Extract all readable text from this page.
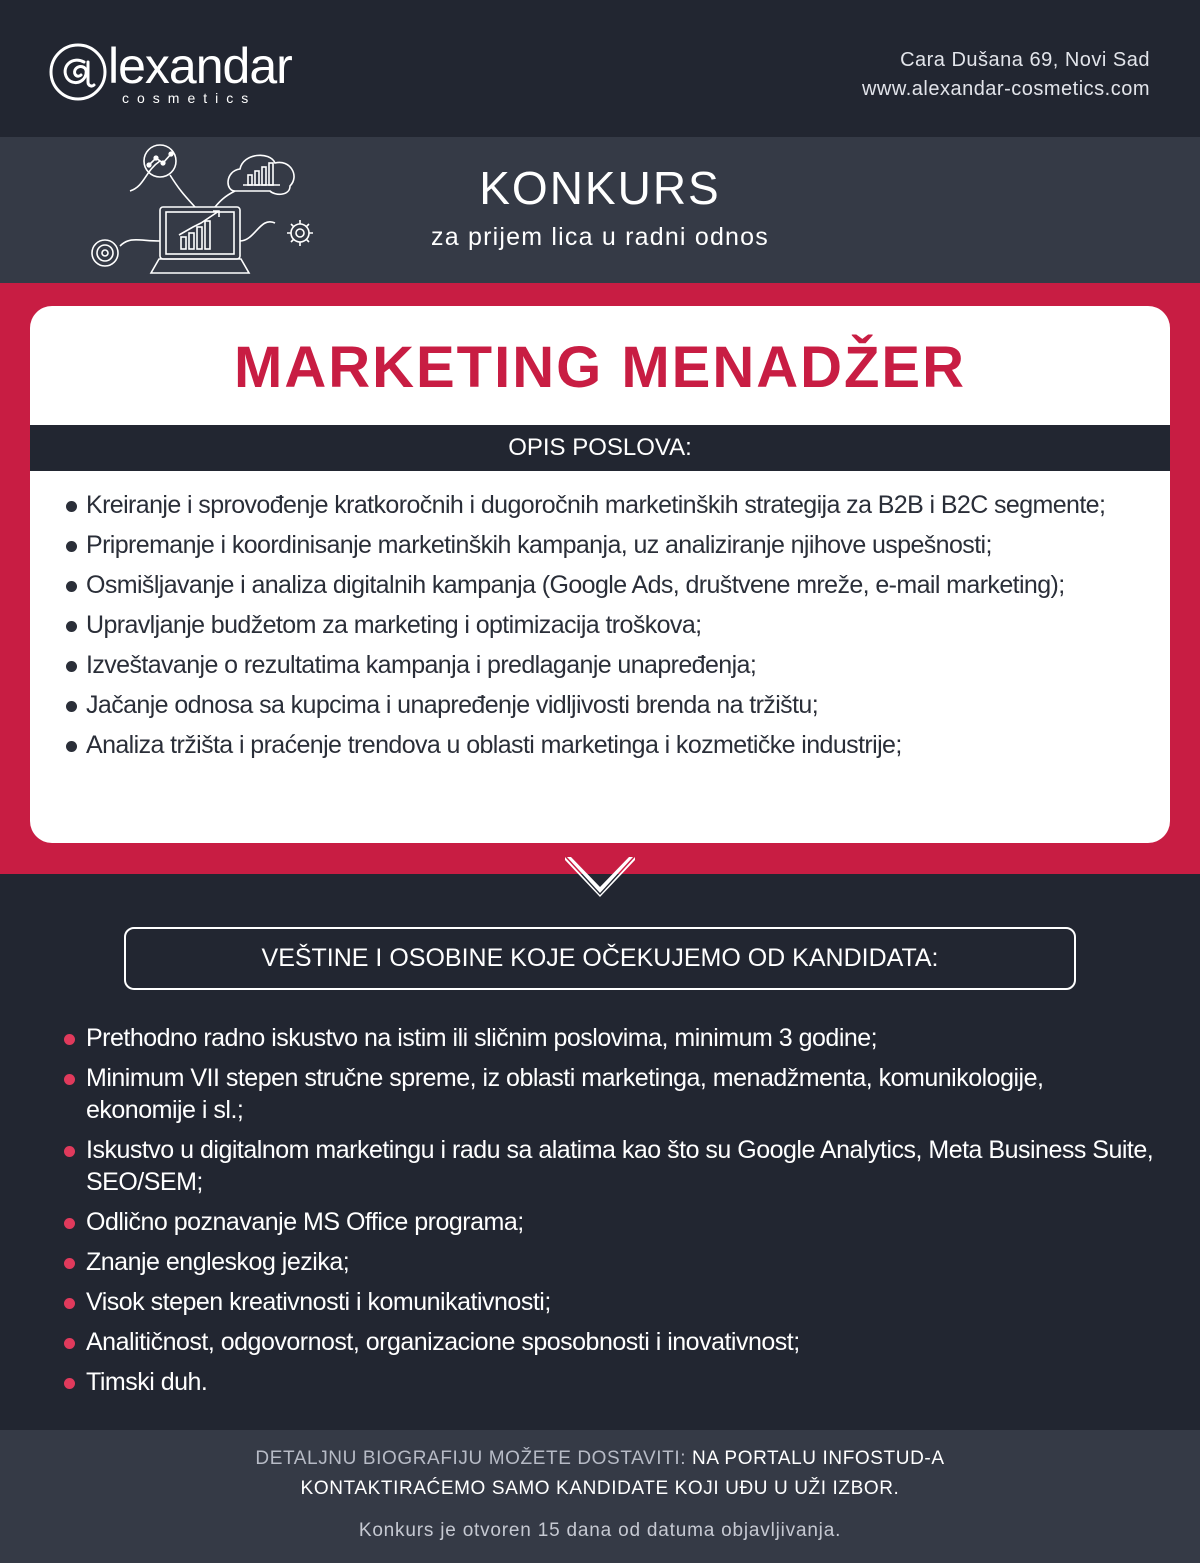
lexandar
cosmetics
Cara Dušana 69, Novi Sad
www.alexandar-cosmetics.com
KONKURS
za prijem lica u radni odnos
MARKETING MENADŽER
OPIS POSLOVA:
Kreiranje i sprovođenje kratkoročnih i dugoročnih marketinških strategija za B2B i B2C segmente;
Pripremanje i koordinisanje marketinških kampanja, uz analiziranje njihove uspešnosti;
Osmišljavanje i analiza digitalnih kampanja (Google Ads, društvene mreže, e-mail marketing);
Upravljanje budžetom za marketing i optimizacija troškova;
Izveštavanje o rezultatima kampanja i predlaganje unapređenja;
Jačanje odnosa sa kupcima i unapređenje vidljivosti brenda na tržištu;
Analiza tržišta i praćenje trendova u oblasti marketinga i kozmetičke industrije;
VEŠTINE I OSOBINE KOJE OČEKUJEMO OD KANDIDATA:
Prethodno radno iskustvo na istim ili sličnim poslovima, minimum 3 godine;
Minimum VII stepen stručne spreme, iz oblasti marketinga, menadžmenta, komunikologije, ekonomije i sl.;
Iskustvo u digitalnom marketingu i radu sa alatima kao što su Google Analytics, Meta Business Suite, SEO/SEM;
Odlično poznavanje MS Office programa;
Znanje engleskog jezika;
Visok stepen kreativnosti i komunikativnosti;
Analitičnost, odgovornost, organizacione sposobnosti i inovativnost;
Timski duh.
DETALJNU BIOGRAFIJU MOŽETE DOSTAVITI: NA PORTALU INFOSTUD-A
KONTAKTIRAĆEMO SAMO KANDIDATE KOJI UĐU U UŽI IZBOR.
Konkurs je otvoren 15 dana od datuma objavljivanja.
